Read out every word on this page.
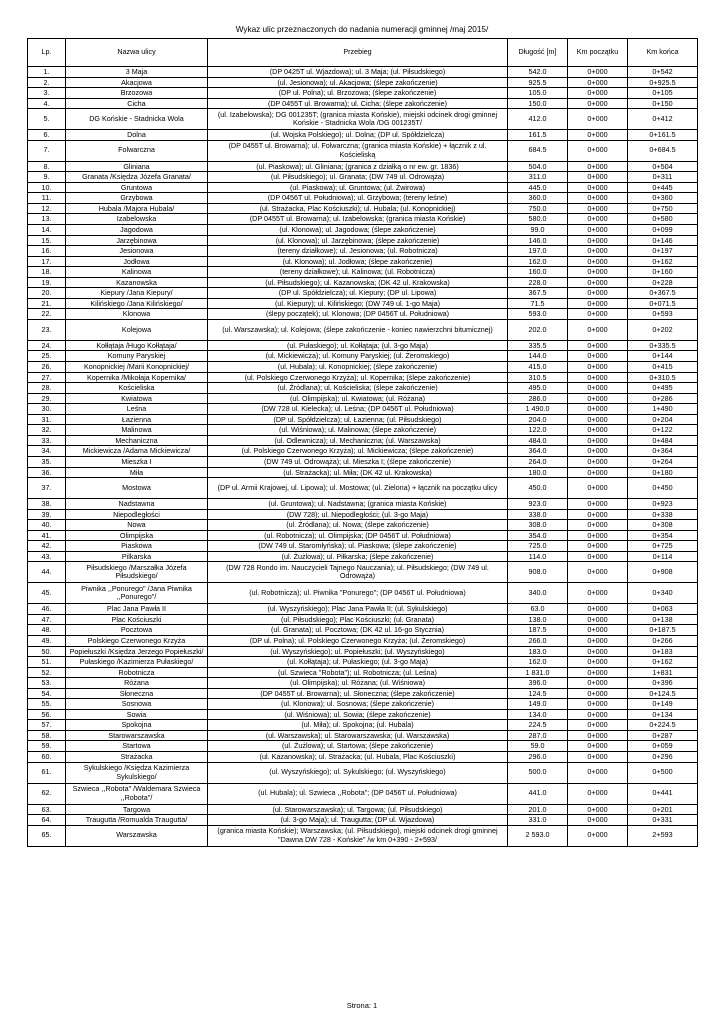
Wykaz ulic przeznaczonych do nadania numeracji gminnej /maj 2015/
Lp.	Nazwa ulicy	Przebieg	Długość [m]	Km początku	Km końca
1.	3 Maja	(DP 0425T ul. Wjazdowa); ul. 3 Maja; (ul. Piłsudskiego)	542.0	0+000	0+542
2.	Akacjowa	(ul. Jesionowa); ul. Akacjowa; (ślepe zakończenie)	925.5	0+000	0+925.5
3.	Brzozowa	(DP ul. Polna); ul. Brzozowa; (ślepe zakończenie)	105.0	0+000	0+105
4.	Cicha	(DP 0455T ul. Browarna); ul. Cicha; (ślepe zakończenie)	150.0	0+000	0+150
5.	DG Końskie - Stadnicka Wola	(ul. Izabelowska); DG 001235T; (granica miasta Końskie), miejski odcinek drogi gminnej Końskie - Stadnicka Wola /DG 001235T/	412.0	0+000	0+412
6.	Dolna	(ul. Wojska Polskiego); ul. Dolna; (DP ul. Spółdzielcza)	161.5	0+000	0+161.5
7.	Folwarczna	(DP 0455T ul. Browarna); ul. Folwarczna; (granica miasta Końskie) + łącznik z ul. Kościeliską	684.5	0+000	0+684.5
8.	Gliniana	(ul. Piaskowa); ul. Gliniana; (granica z działką o nr ew. gr. 1836)	504.0	0+000	0+504
9.	Granata /Księdza Józefa Granata/	(ul. Piłsudskiego); ul. Granata; (DW 749 ul. Odrowąża)	311.0	0+000	0+311
10.	Gruntowa	(ul. Piaskowa); ul. Gruntowa; (ul. Żwirowa)	445.0	0+000	0+445
11.	Grzybowa	(DP 0456T ul. Południowa); ul. Grzybowa; (tereny leśne)	360.0	0+000	0+360
12.	Hubala /Majora Hubala/	(ul. Strażacka, Plac Kościuszki); ul. Hubala; (ul. Konopnickiej)	750.0	0+000	0+750
13.	Izabelowska	(DP 0455T ul. Browarna); ul. Izabelowska; (granica miasta Końskie)	580.0	0+000	0+580
14.	Jagodowa	(ul. Klonowa); ul. Jagodowa; (ślepe zakończenie)	99.0	0+000	0+099
15.	Jarzębinowa	(ul. Klonowa); ul. Jarzębinowa; (ślepe zakończenie)	146.0	0+000	0+146
16.	Jesionowa	(tereny działkowe); ul. Jesionowa; (ul. Robotnicza)	197.0	0+000	0+197
17.	Jodłowa	(ul. Klonowa); ul. Jodłowa; (ślepe zakończenie)	162.0	0+000	0+162
18.	Kalinowa	(tereny działkowe); ul. Kalinowa; (ul. Robotnicza)	160.0	0+000	0+160
19.	Kazanowska	(ul. Piłsudskiego); ul. Kazanowska; (DK 42 ul. Krakowska)	228.0	0+000	0+228
20.	Kiepury /Jana Kiepury/	(DP ul. Spółdzielcza); ul. Kiepury; (DP ul. Lipowa)	367.5	0+000	0+367.5
21.	Kilińskiego /Jana Kilińskiego/	(ul. Kiepury); ul. Kilińskiego; (DW 749 ul. 1-go Maja)	71.5	0+000	0+071.5
22.	Klonowa	(ślepy początek); ul. Klonowa; (DP 0456T ul. Południowa)	593.0	0+000	0+593
23.	Kolejowa	(ul. Warszawska); ul. Kolejowa; (ślepe zakończenie - koniec nawierzchni bitumicznej)	202.0	0+000	0+202
24.	Kołłątaja /Hugo Kołłątaja/	(ul. Pułaskiego); ul. Kołłątaja; (ul. 3-go Maja)	335.5	0+000	0+335.5
25.	Komuny Paryskiej	(ul. Mickiewicza); ul. Komuny Paryskiej; (ul. Żeromskiego)	144.0	0+000	0+144
26.	Konopnickiej /Marii Konopnickiej/	(ul. Hubala); ul. Konopnickiej; (ślepe zakończenie)	415.0	0+000	0+415
27.	Kopernika /Mikołaja Kopernika/	(ul. Polskiego Czerwonego Krzyża); ul. Kopernika; (ślepe zakończenie)	310.5	0+000	0+310.5
28.	Kościeliska	(ul. Źródlana); ul. Kościeliska; (ślepe zakończenie)	495.0	0+000	0+495
29.	Kwiatowa	(ul. Olimpijska); ul. Kwiatowa; (ul. Różana)	286.0	0+000	0+286
30.	Leśna	(DW 728 ul. Kielecka); ul. Leśna; (DP 0456T ul. Południowa)	1 490.0	0+000	1+490
31.	Łazienna	(DP ul. Spółdzielcza); ul. Łazienna; (ul. Piłsudskiego)	204.0	0+000	0+204
32.	Malinowa	(ul. Wiśniowa); ul. Malinowa; (ślepe zakończenie)	122.0	0+000	0+122
33.	Mechaniczna	(ul. Odlewnicza); ul. Mechaniczna; (ul. Warszawska)	484.0	0+000	0+484
34.	Mickiewicza /Adama Mickiewicza/	(ul. Polskiego Czerwonego Krzyża); ul. Mickiewicza; (ślepe zakończenie)	364.0	0+000	0+364
35.	Mieszka I	(DW 749 ul. Odrowąża); ul. Mieszka I; (ślepe zakończenie)	264.0	0+000	0+264
36.	Miła	(ul. Strażacka); ul. Miła; (DK 42 ul. Krakowska)	180.0	0+000	0+180
37.	Mostowa	(DP ul. Armii Krajowej, ul. Lipowa); ul. Mostowa; (ul. Zielona) + łącznik na początku ulicy	450.0	0+000	0+450
38.	Nadstawna	(ul. Gruntowa); ul. Nadstawna; (granica miasta Końskie)	923.0	0+000	0+923
39.	Niepodległości	(DW 728); ul. Niepodległości; (ul. 3-go Maja)	338.0	0+000	0+338
40.	Nowa	(ul. Źródlana); ul. Nowa; (ślepe zakończenie)	308.0	0+000	0+308
41.	Olimpijska	(ul. Robotnicza); ul. Olimpijska; (DP 0456T ul. Południowa)	354.0	0+000	0+354
42.	Piaskowa	(DW 749 ul. Staromłyńska); ul. Piaskowa; (ślepe zakończenie)	725.0	0+000	0+725
43.	Pilkarska	(ul. Żużlowa); ul. Piłkarska; (ślepe zakończenie)	114.0	0+000	0+114
44.	Piłsudskiego /Marszałka Józefa Piłsudskiego/	(DW 728 Rondo im. Nauczycieli Tajnego Nauczania); ul. Piłsudskiego; (DW 749 ul. Odrowąża)	908.0	0+000	0+908
45.	Piwnika ,,Ponurego" /Jana Piwnika ,,Ponurego"/	(ul. Robotnicza); ul. Piwnika "Ponurego"; (DP 0456T ul. Południowa)	340.0	0+000	0+340
46.	Plac Jana Pawła II	(ul. Wyszyńskiego); Plac Jana Pawła II; (ul. Sykulskiego)	63.0	0+000	0+063
47.	Plac Kościuszki	(ul. Piłsudskiego); Plac Kościuszki; (ul. Granata)	138.0	0+000	0+138
48.	Pocztowa	(ul. Granata); ul. Pocztowa; (DK 42 ul. 16-go Stycznia)	187.5	0+000	0+187.5
49.	Polskiego Czerwonego Krzyża	(DP ul. Polna); ul. Polskiego Czerwonego Krzyża; (ul. Żeromskiego)	266.0	0+000	0+266
50.	Popiełuszki /Księdza Jerzego Popiełuszki/	(ul. Wyszyńskiego); ul. Popiełuszki; (ul. Wyszyńskiego)	183.0	0+000	0+183
51.	Pułaskiego /Kazimierza Pułaskiego/	(ul. Kołłątaja); ul. Pułaskiego; (ul. 3-go Maja)	162.0	0+000	0+162
52.	Robotnicza	(ul. Szwieca "Robota"); ul. Robotnicza; (ul. Leśna)	1 831.0	0+000	1+831
53.	Różana	(ul. Olimpijska); ul. Różana; (ul. Wiśniowa)	396.0	0+000	0+396
54.	Słoneczna	(DP 0455T ul. Browarna); ul. Słoneczna; (ślepe zakończenie)	124.5	0+000	0+124.5
55.	Sosnowa	(ul. Klonowa); ul. Sosnowa; (ślepe zakończenie)	149.0	0+000	0+149
56.	Sowia	(ul. Wiśniowa); ul. Sowia; (ślepe zakończenie)	134.0	0+000	0+134
57.	Spokojna	(ul. Miła); ul. Spokojna; (ul. Hubala)	224.5	0+000	0+224.5
58.	Starowarszawska	(ul. Warszawska); ul. Starowarszawska; (ul. Warszawska)	287.0	0+000	0+287
59.	Startowa	(ul. Żużlowa); ul. Startowa; (ślepe zakończenie)	59.0	0+000	0+059
60.	Strażacka	(ul. Kazanowska); ul. Strażacka; (ul. Hubala, Plac Kościuszki)	296.0	0+000	0+296
61.	Sykulskiego /Księdza Kazimierza Sykulskiego/	(ul. Wyszyńskiego); ul. Sykulskiego; (ul. Wyszyńskiego)	500.0	0+000	0+500
62.	Szwieca ,,Robota" /Waldemara Szwieca ,,Robota"/	(ul. Hubala); ul. Szwieca ,,Robota"; (DP 0456T ul. Południowa)	441.0	0+000	0+441
63.	Targowa	(ul. Starowarszawska); ul. Targowa; (ul. Piłsudskiego)	201.0	0+000	0+201
64.	Traugutta /Romualda Traugutta/	(ul. 3-go Maja); ul. Traugutta; (DP ul. Wjazdowa)	331.0	0+000	0+331
65.	Warszawska	(granica miasta Końskie); Warszawska; (ul. Piłsudskiego), miejski odcinek drogi gminnej "Dawna DW 728 - Końskie" /w km 0+390 - 2+593/	2 593.0	0+000	2+593
Strona: 1
